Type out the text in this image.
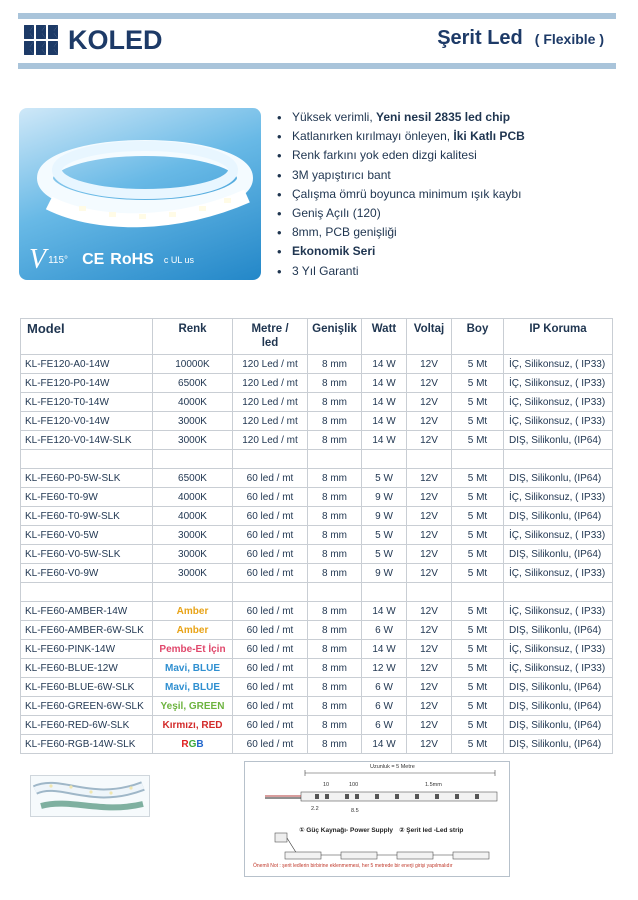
KOLED	Şerit Led ( Flexible )
V 115° CE RoHS c UL us
• Yüksek verimli, Yeni nesil 2835 led chip
• Katlanırken kırılmayı önleyen, İki Katlı PCB
• Renk farkını yok eden dizgi kalitesi
• 3M yapıştırıcı bant
• Çalışma ömrü boyunca minimum ışık kaybı
• Geniş Açılı (120)
• 8mm, PCB genişliği
• Ekonomik Seri
• 3 Yıl Garanti
Model	Renk	Metre / led	Genişlik	Watt	Voltaj	Boy	IP Koruma
KL-FE120-A0-14W	10000K	120 Led / mt	8 mm	14 W	12V	5 Mt	İÇ, Silikonsuz, ( IP33)
KL-FE120-P0-14W	6500K	120 Led / mt	8 mm	14 W	12V	5 Mt	İÇ, Silikonsuz, ( IP33)
KL-FE120-T0-14W	4000K	120 Led / mt	8 mm	14 W	12V	5 Mt	İÇ, Silikonsuz, ( IP33)
KL-FE120-V0-14W	3000K	120 Led / mt	8 mm	14 W	12V	5 Mt	İÇ, Silikonsuz, ( IP33)
KL-FE120-V0-14W-SLK	3000K	120 Led / mt	8 mm	14 W	12V	5 Mt	DIŞ, Silikonlu, (IP64)

KL-FE60-P0-5W-SLK	6500K	60 led / mt	8 mm	5 W	12V	5 Mt	DIŞ, Silikonlu, (IP64)
KL-FE60-T0-9W	4000K	60 led / mt	8 mm	9 W	12V	5 Mt	İÇ, Silikonsuz, ( IP33)
KL-FE60-T0-9W-SLK	4000K	60 led / mt	8 mm	9 W	12V	5 Mt	DIŞ, Silikonlu, (IP64)
KL-FE60-V0-5W	3000K	60 led / mt	8 mm	5 W	12V	5 Mt	İÇ, Silikonsuz, ( IP33)
KL-FE60-V0-5W-SLK	3000K	60 led / mt	8 mm	5 W	12V	5 Mt	DIŞ, Silikonlu, (IP64)
KL-FE60-V0-9W	3000K	60 led / mt	8 mm	9 W	12V	5 Mt	İÇ, Silikonsuz, ( IP33)

KL-FE60-AMBER-14W	Amber	60 led / mt	8 mm	14 W	12V	5 Mt	İÇ, Silikonsuz, ( IP33)
KL-FE60-AMBER-6W-SLK	Amber	60 led / mt	8 mm	6 W	12V	5 Mt	DIŞ, Silikonlu, (IP64)
KL-FE60-PINK-14W	Pembe-Et İçin	60 led / mt	8 mm	14 W	12V	5 Mt	İÇ, Silikonsuz, ( IP33)
KL-FE60-BLUE-12W	Mavi, BLUE	60 led / mt	8 mm	12 W	12V	5 Mt	İÇ, Silikonsuz, ( IP33)
KL-FE60-BLUE-6W-SLK	Mavi, BLUE	60 led / mt	8 mm	6 W	12V	5 Mt	DIŞ, Silikonlu, (IP64)
KL-FE60-GREEN-6W-SLK	Yeşil, GREEN	60 led / mt	8 mm	6 W	12V	5 Mt	DIŞ, Silikonlu, (IP64)
KL-FE60-RED-6W-SLK	Kırmızı, RED	60 led / mt	8 mm	6 W	12V	5 Mt	DIŞ, Silikonlu, (IP64)
KL-FE60-RGB-14W-SLK	RGB	60 led / mt	8 mm	14 W	12V	5 Mt	DIŞ, Silikonlu, (IP64)
Uzunluk = 5 Metre
10	100	1.5mm
2.2	8.5
① Güç Kaynağı- Power Supply ② Şerit led -Led strip
Önemli Not : şerit ledlerin birbirine eklenmemesi, her 5 metrede bir enerji girişi yapılmalıdır
